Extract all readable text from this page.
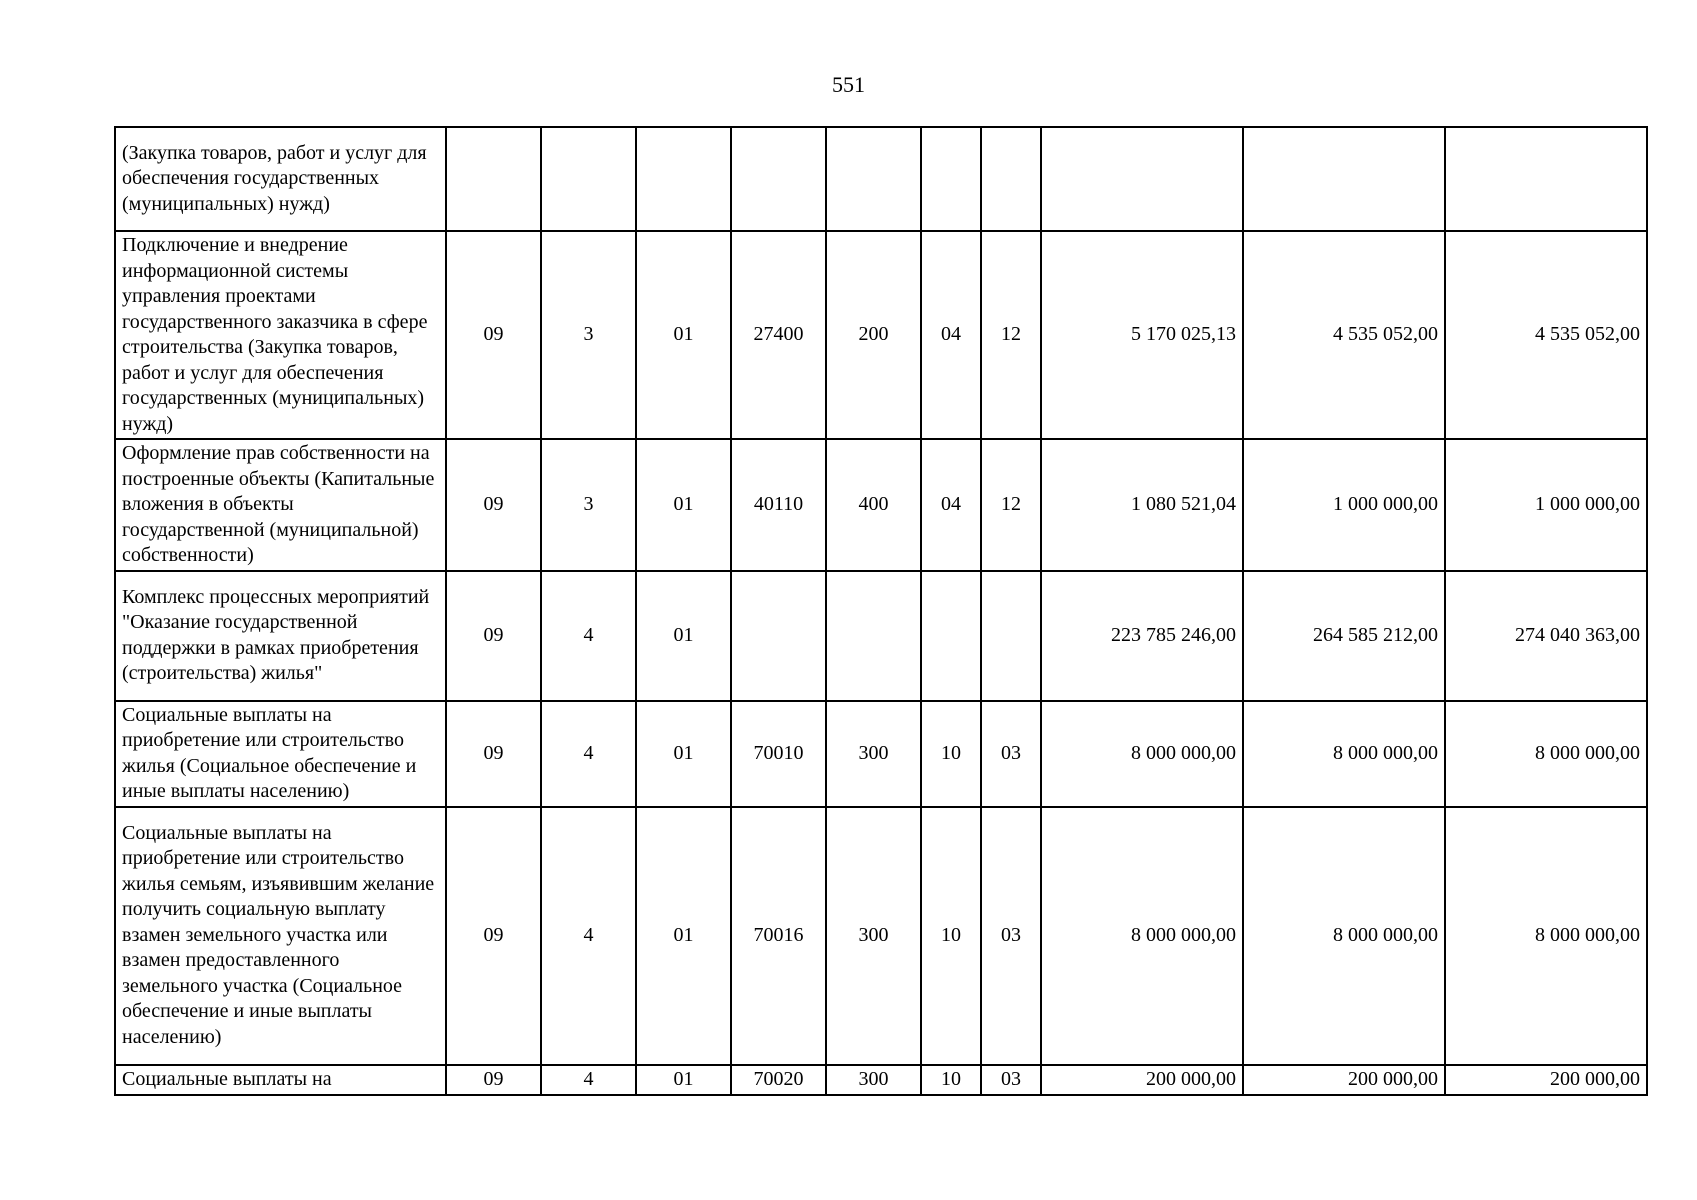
551
(Закупка товаров, работ и услуг для обеспечения государственных (муниципальных) нужд)										
Подключение и внедрение информационной системы управления проектами государственного заказчика в сфере строительства (Закупка товаров, работ и услуг для обеспечения государственных (муниципальных) нужд)	09	3	01	27400	200	04	12	5 170 025,13	4 535 052,00	4 535 052,00
Оформление прав собственности на построенные объекты (Капитальные вложения в объекты государственной (муниципальной) собственности)	09	3	01	40110	400	04	12	1 080 521,04	1 000 000,00	1 000 000,00
Комплекс процессных мероприятий "Оказание государственной поддержки в рамках приобретения (строительства) жилья"	09	4	01					223 785 246,00	264 585 212,00	274 040 363,00
Социальные выплаты на приобретение или строительство жилья (Социальное обеспечение и иные выплаты населению)	09	4	01	70010	300	10	03	8 000 000,00	8 000 000,00	8 000 000,00
Социальные выплаты на приобретение или строительство жилья семьям, изъявившим желание получить социальную выплату взамен земельного участка или взамен предоставленного земельного участка (Социальное обеспечение и иные выплаты населению)	09	4	01	70016	300	10	03	8 000 000,00	8 000 000,00	8 000 000,00
Социальные выплаты на	09	4	01	70020	300	10	03	200 000,00	200 000,00	200 000,00
